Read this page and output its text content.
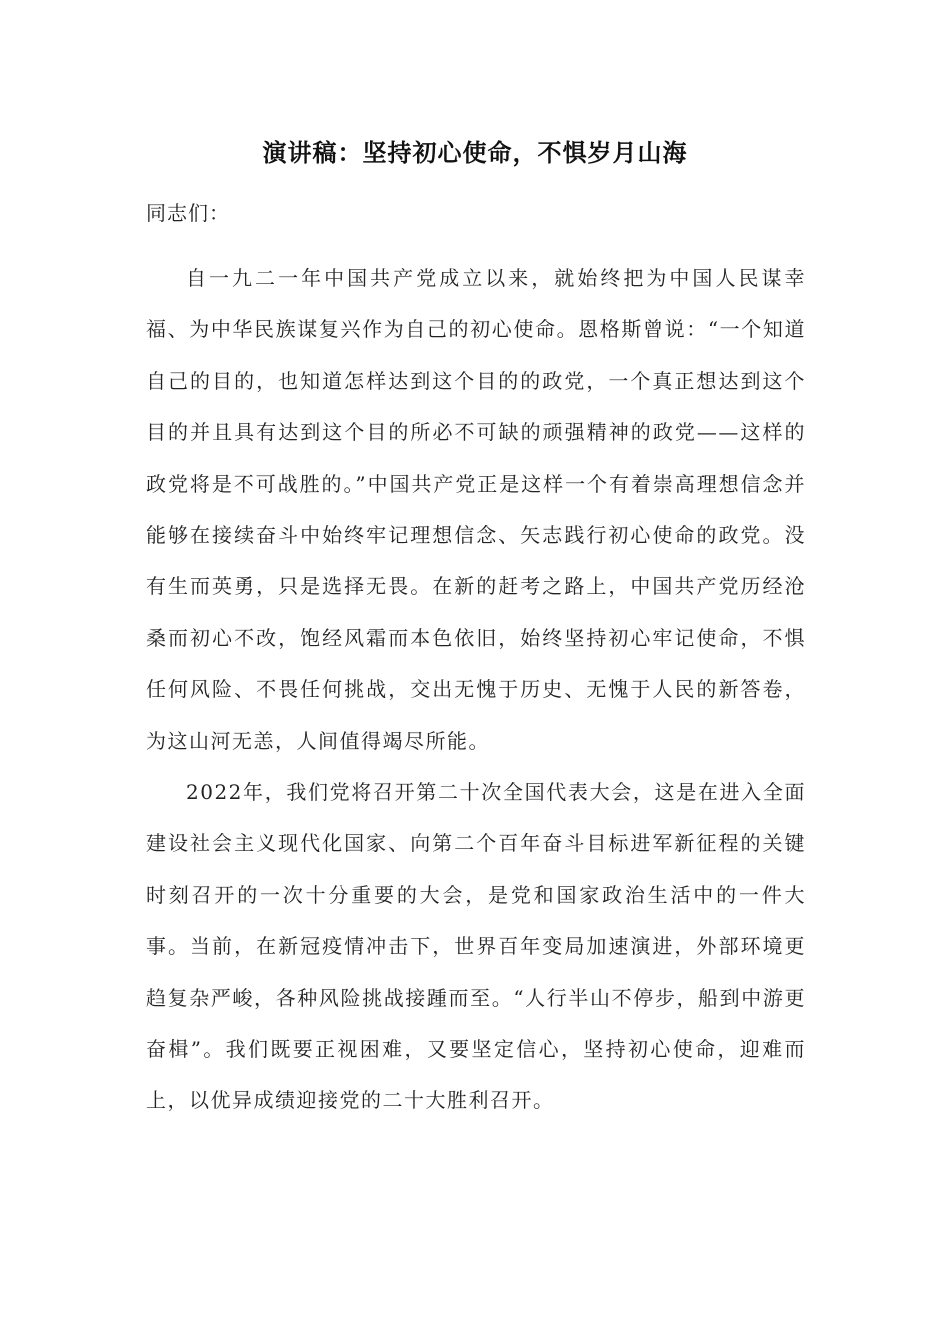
演讲稿：坚持初心使命，不惧岁月山海
同志们：

自一九二一年中国共产党成立以来，就始终把为中国人民谋幸福、为中华民族谋复兴作为自己的初心使命。恩格斯曾说：“一个知道自己的目的，也知道怎样达到这个目的的政党，一个真正想达到这个目的并且具有达到这个目的所必不可缺的顽强精神的政党——这样的政党将是不可战胜的。”中国共产党正是这样一个有着崇高理想信念并能够在接续奋斗中始终牢记理想信念、矢志践行初心使命的政党。没有生而英勇，只是选择无畏。在新的赶考之路上，中国共产党历经沧桑而初心不改，饱经风霜而本色依旧，始终坚持初心牢记使命，不惧任何风险、不畏任何挑战，交出无愧于历史、无愧于人民的新答卷，为这山河无恙，人间值得竭尽所能。

2022年，我们党将召开第二十次全国代表大会，这是在进入全面建设社会主义现代化国家、向第二个百年奋斗目标进军新征程的关键时刻召开的一次十分重要的大会，是党和国家政治生活中的一件大事。当前，在新冠疫情冲击下，世界百年变局加速演进，外部环境更趋复杂严峻，各种风险挑战接踵而至。“人行半山不停步，船到中游更奋楫”。我们既要正视困难，又要坚定信心，坚持初心使命，迎难而上，以优异成绩迎接党的二十大胜利召开。
